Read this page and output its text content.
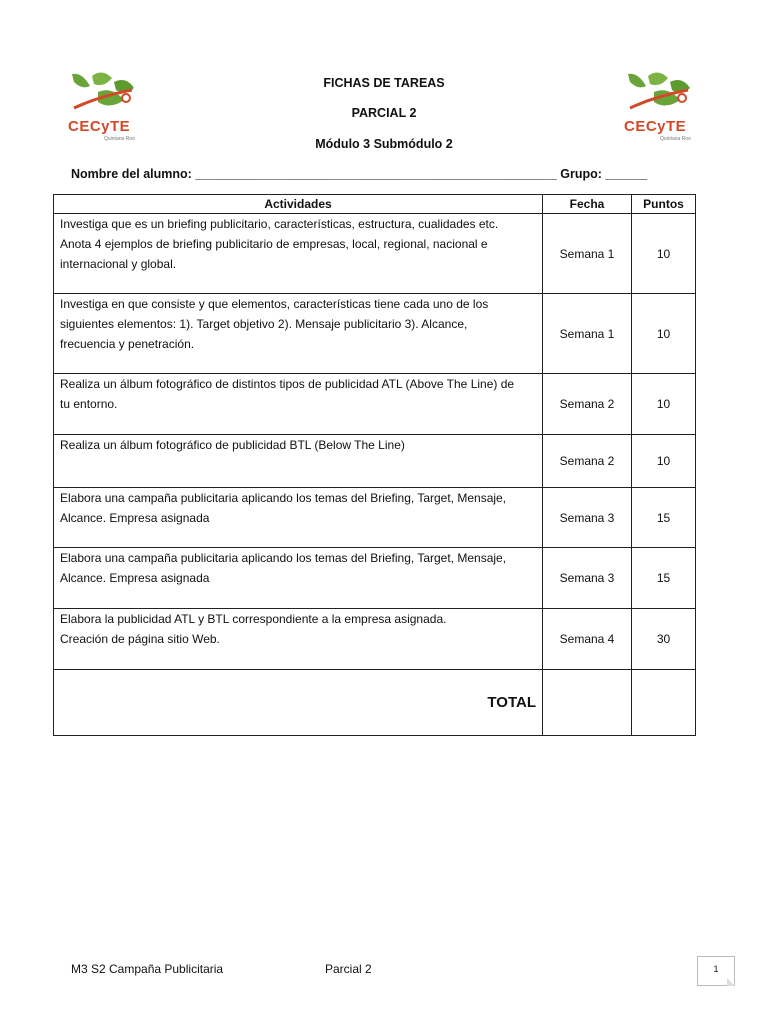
CECyTE
Quintana Roo
CECyTE
Quintana Roo
FICHAS DE TAREAS
PARCIAL 2
Módulo 3 Submódulo 2
Nombre del alumno: ____________________________________________________ Grupo: ______
Actividades	Fecha	Puntos

Investiga que es un briefing publicitario, características, estructura, cualidades etc.
Anota 4 ejemplos de briefing publicitario de empresas, local, regional, nacional e
internacional y global.	Semana 1	10

Investiga en que consiste y que elementos, características tiene cada uno de los
siguientes elementos: 1). Target objetivo 2). Mensaje publicitario 3). Alcance,
frecuencia y penetración.	Semana 1	10

Realiza un álbum fotográfico de distintos tipos de publicidad ATL (Above The Line) de
tu entorno.	Semana 2	10

Realiza un álbum fotográfico de publicidad BTL (Below The Line)	Semana 2	10

Elabora una campaña publicitaria aplicando los temas del Briefing, Target, Mensaje,
Alcance. Empresa asignada	Semana 3	15

Elabora una campaña publicitaria aplicando los temas del Briefing, Target, Mensaje,
Alcance. Empresa asignada	Semana 3	15

Elabora la publicidad ATL y BTL correspondiente a la empresa asignada.
Creación de página sitio Web.	Semana 4	30
TOTAL		
M3 S2 Campaña Publicitaria	Parcial 2	1
